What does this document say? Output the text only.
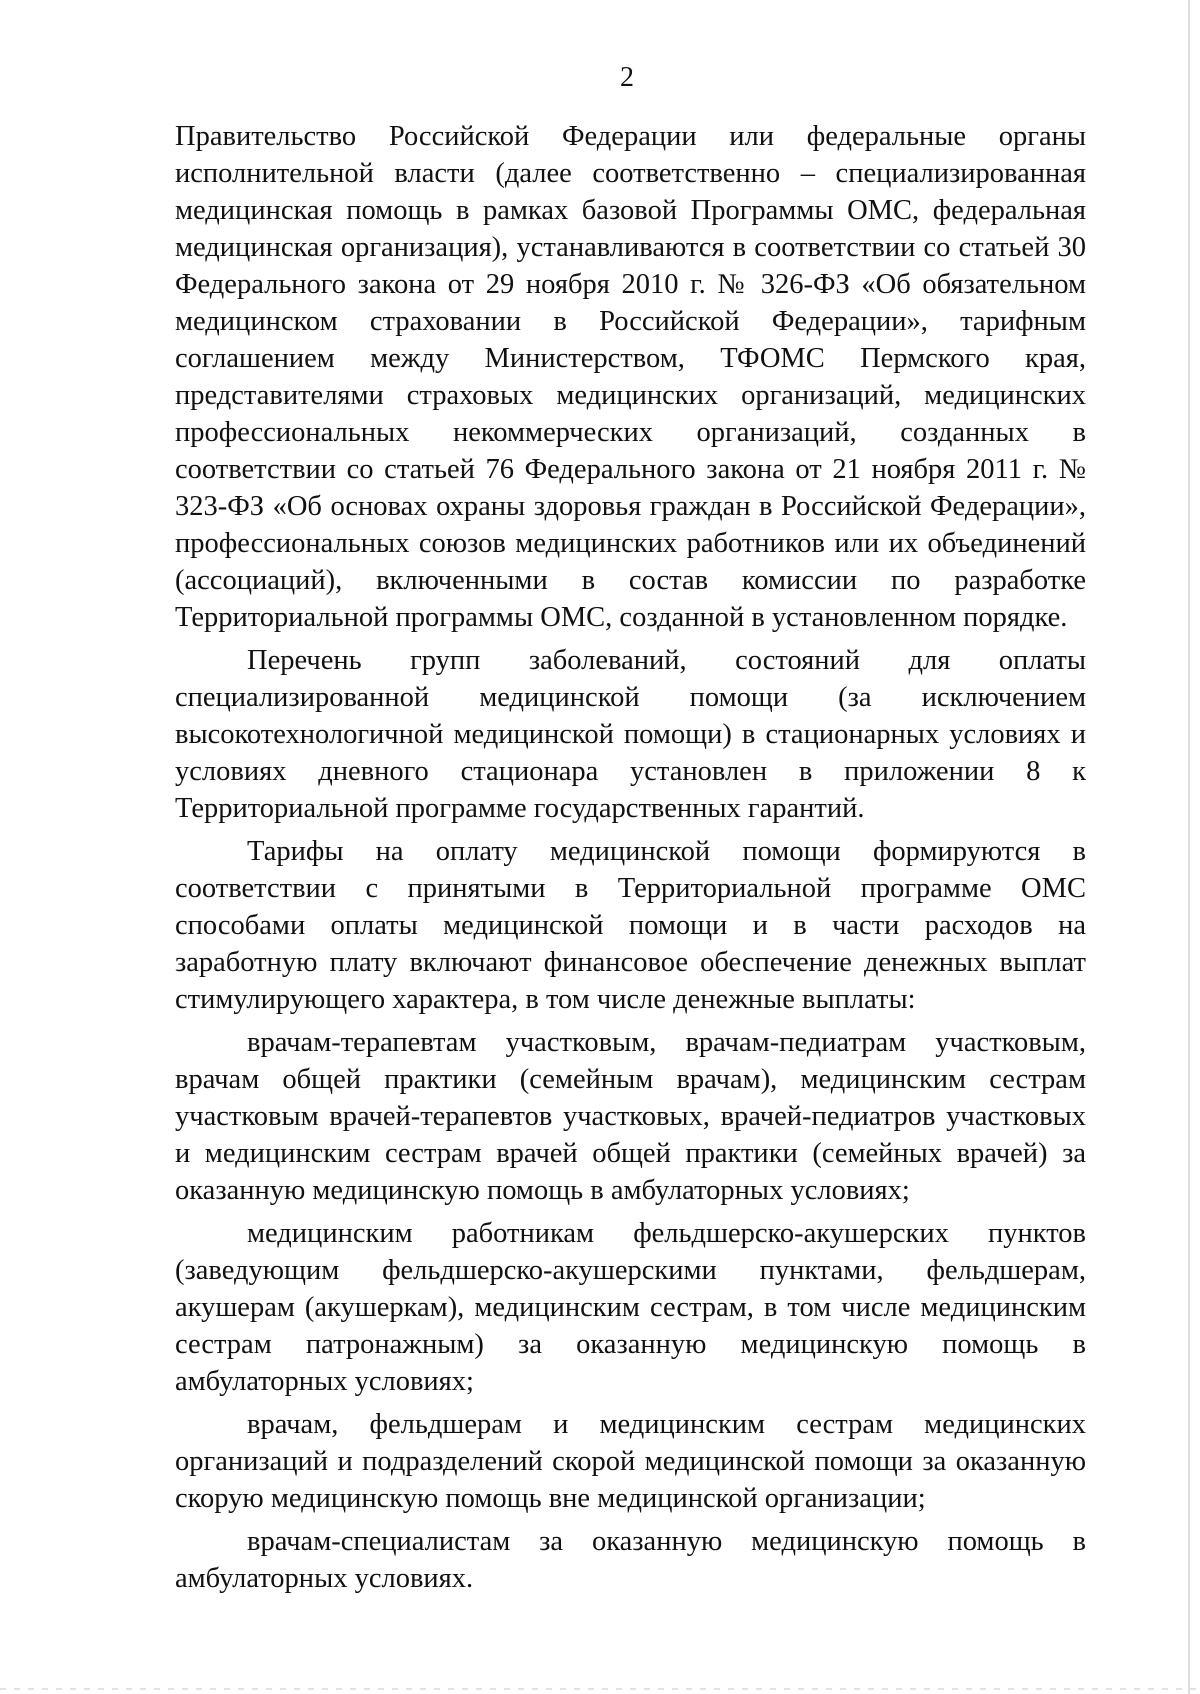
2

Правительство Российской Федерации или федеральные органы исполнительной власти (далее соответственно – специализированная медицинская помощь в рамках базовой Программы ОМС, федеральная медицинская организация), устанавливаются в соответствии со статьей 30 Федерального закона от 29 ноября 2010 г. № 326-ФЗ «Об обязательном медицинском страховании в Российской Федерации», тарифным соглашением между Министерством, ТФОМС Пермского края, представителями страховых медицинских организаций, медицинских профессиональных некоммерческих организаций, созданных в соответствии со статьей 76 Федерального закона от 21 ноября 2011 г. № 323-ФЗ «Об основах охраны здоровья граждан в Российской Федерации», профессиональных союзов медицинских работников или их объединений (ассоциаций), включенными в состав комиссии по разработке Территориальной программы ОМС, созданной в установленном порядке.

Перечень групп заболеваний, состояний для оплаты специализированной медицинской помощи (за исключением высокотехнологичной медицинской помощи) в стационарных условиях и условиях дневного стационара установлен в приложении 8 к Территориальной программе государственных гарантий.

Тарифы на оплату медицинской помощи формируются в соответствии с принятыми в Территориальной программе ОМС способами оплаты медицинской помощи и в части расходов на заработную плату включают финансовое обеспечение денежных выплат стимулирующего характера, в том числе денежные выплаты:

врачам-терапевтам участковым, врачам-педиатрам участковым, врачам общей практики (семейным врачам), медицинским сестрам участковым врачей-терапевтов участковых, врачей-педиатров участковых и медицинским сестрам врачей общей практики (семейных врачей) за оказанную медицинскую помощь в амбулаторных условиях;

медицинским работникам фельдшерско-акушерских пунктов (заведующим фельдшерско-акушерскими пунктами, фельдшерам, акушерам (акушеркам), медицинским сестрам, в том числе медицинским сестрам патронажным) за оказанную медицинскую помощь в амбулаторных условиях;

врачам, фельдшерам и медицинским сестрам медицинских организаций и подразделений скорой медицинской помощи за оказанную скорую медицинскую помощь вне медицинской организации;

врачам-специалистам за оказанную медицинскую помощь в амбулаторных условиях.
